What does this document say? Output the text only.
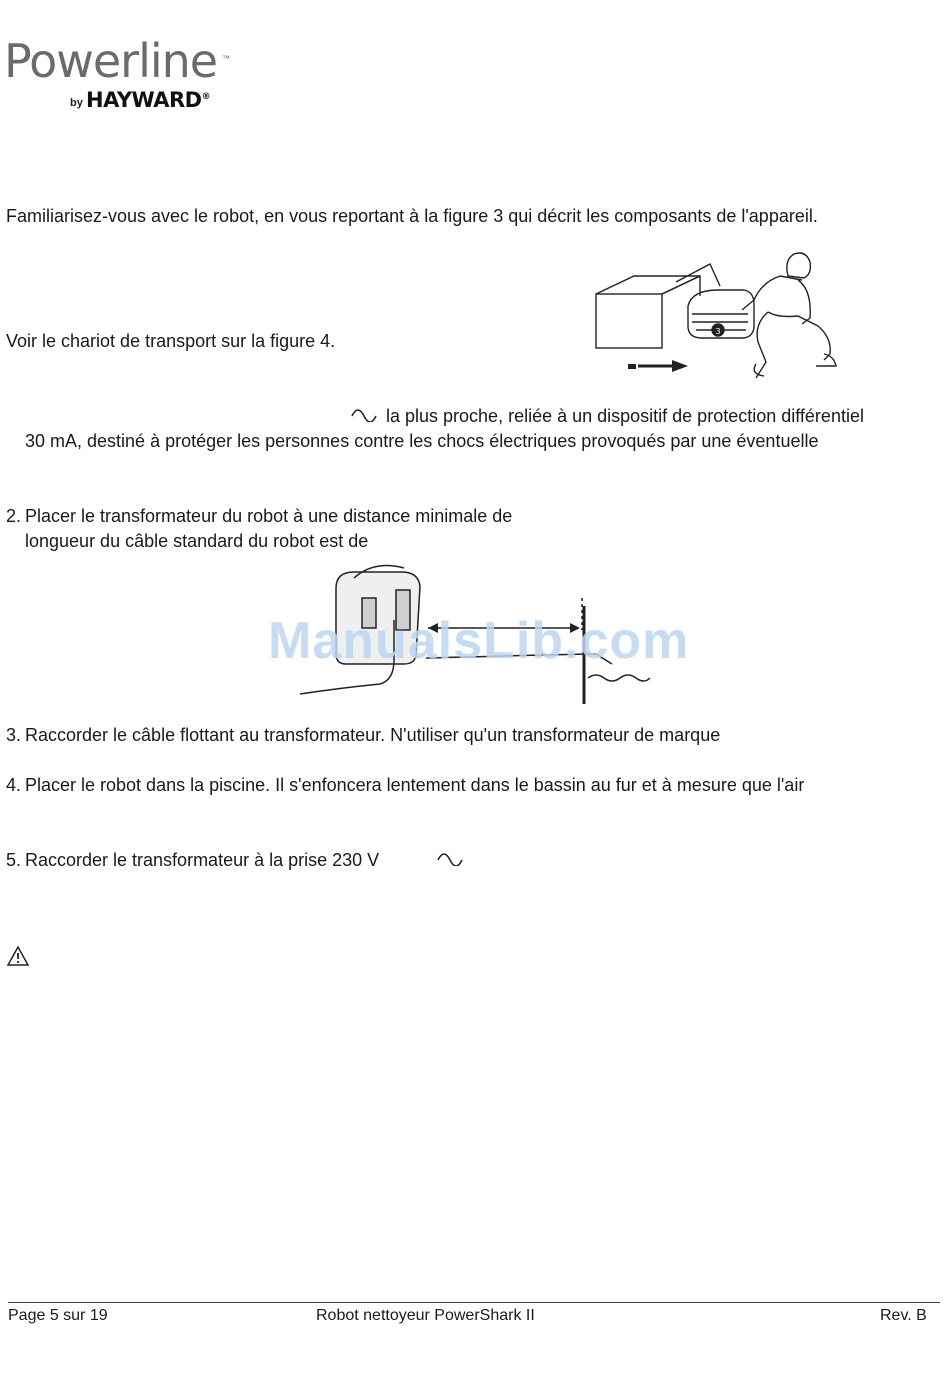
Powerline ™
by HAYWARD®
Familiarisez-vous avec le robot, en vous reportant à la figure 3 qui décrit les composants de l'appareil.
Voir le chariot de transport sur la figure 4.	3
la plus proche, reliée à un dispositif de protection différentiel
30 mA, destiné à protéger les personnes contre les chocs électriques provoqués par une éventuelle
2. Placer le transformateur du robot à une distance minimale de
longueur du câble standard du robot est de
ManualsLib.com
3. Raccorder le câble flottant au transformateur. N'utiliser qu'un transformateur de marque
4. Placer le robot dans la piscine. Il s'enfoncera lentement dans le bassin au fur et à mesure que l'air
5. Raccorder le transformateur à la prise 230 V
Page 5 sur 19	Robot nettoyeur PowerShark II	Rev. B
